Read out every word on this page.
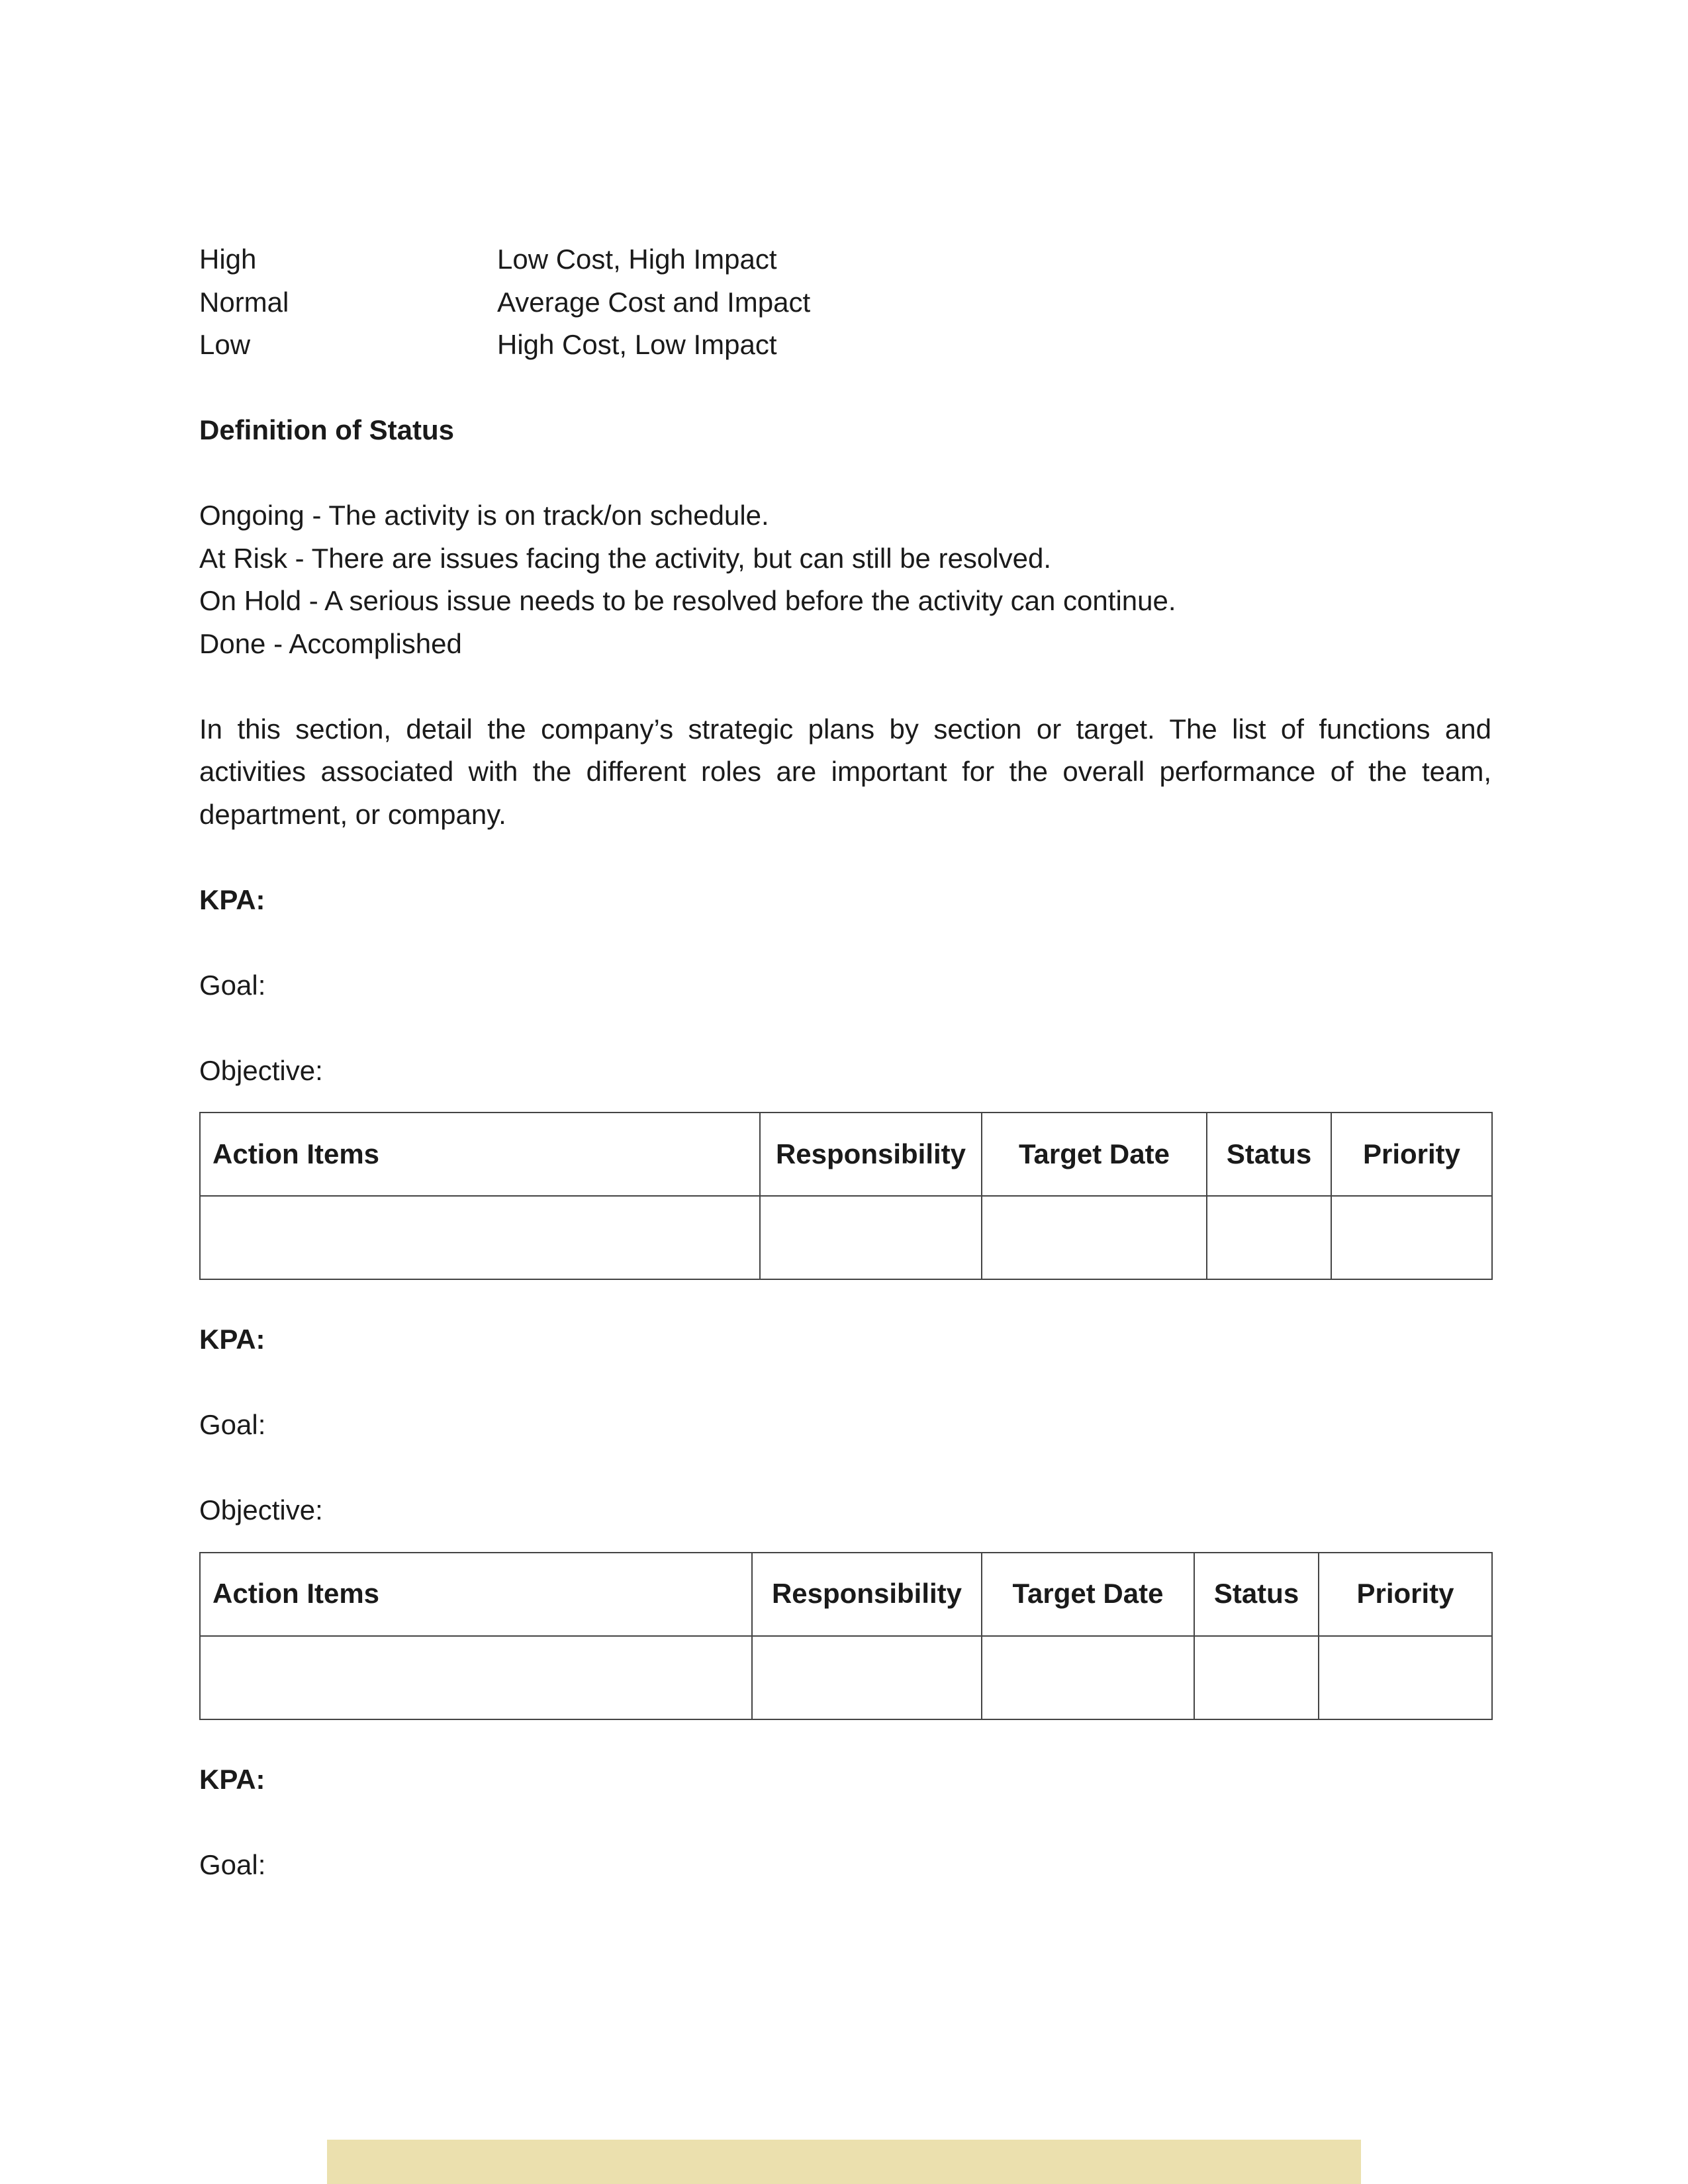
High	Low Cost, High Impact
Normal	Average Cost and Impact
Low	High Cost, Low Impact
Definition of Status
Ongoing - The activity is on track/on schedule.
At Risk - There are issues facing the activity, but can still be resolved.
On Hold - A serious issue needs to be resolved before the activity can continue.
Done - Accomplished

In this section, detail the company’s strategic plans by section or target. The list of functions and activities associated with the different roles are important for the overall performance of the team, department, or company.

KPA:
Goal:
Objective:
Action Items	Responsibility	Target Date	Status	Priority

KPA:
Goal:
Objective:
Action Items	Responsibility	Target Date	Status	Priority

KPA:
Goal:
